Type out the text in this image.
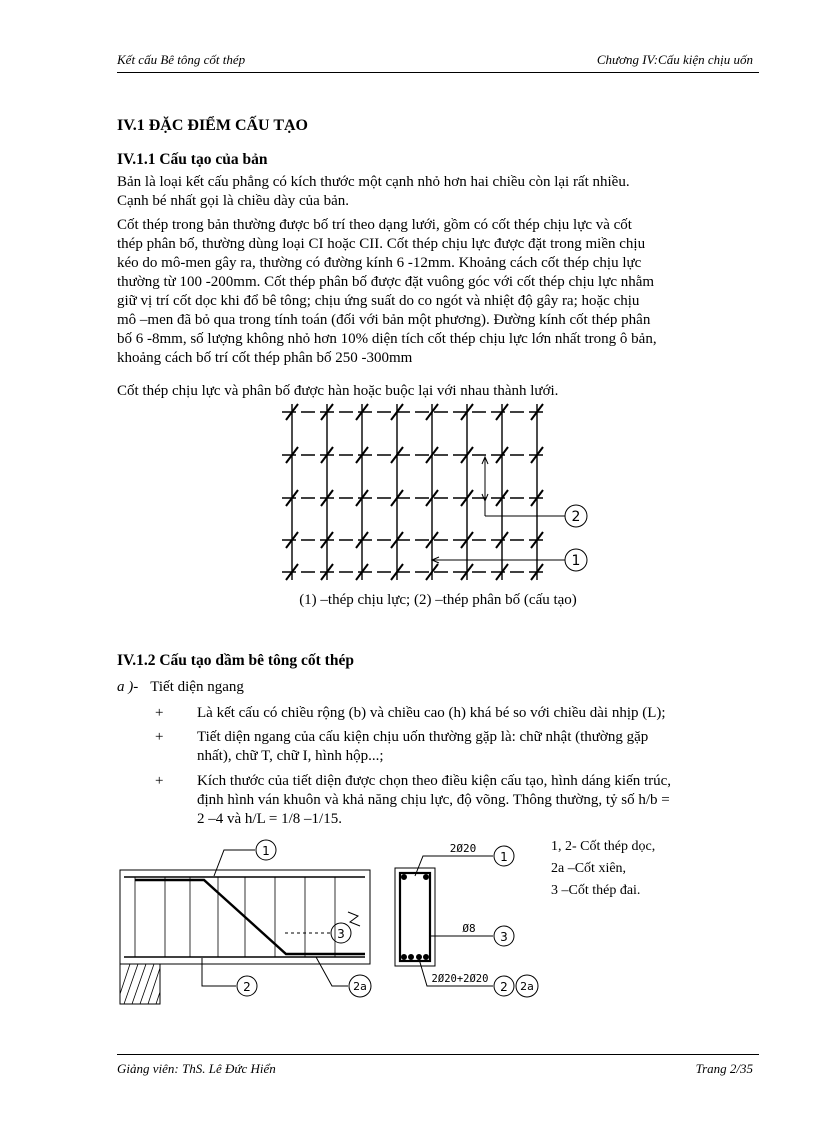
Kết cấu Bê tông cốt thép	Chương IV:Cấu kiện chịu uốn
IV.1 ĐẶC ĐIỂM CẤU TẠO
IV.1.1 Cấu tạo của bản

Bản là loại kết cấu phẳng có kích thước một cạnh nhỏ hơn hai chiều còn lại rất nhiều.
Cạnh bé nhất gọi là chiều dày của bản.

Cốt thép trong bản thường được bố trí theo dạng lưới, gồm có cốt thép chịu lực và cốt
thép phân bố, thường dùng loại CI hoặc CII. Cốt thép chịu lực được đặt trong miền chịu
kéo do mô-men gây ra, thường có đường kính 6 -12mm. Khoảng cách cốt thép chịu lực
thường từ 100 -200mm. Cốt thép phân bố được đặt vuông góc với cốt thép chịu lực nhằm
giữ vị trí cốt dọc khi đổ bê tông; chịu ứng suất do co ngót và nhiệt độ gây ra; hoặc chịu
mô –men đã bỏ qua trong tính toán (đối với bản một phương). Đường kính cốt thép phân
bố 6 -8mm, số lượng không nhỏ hơn 10% diện tích cốt thép chịu lực lớn nhất trong ô bản,
khoảng cách bố trí cốt thép phân bố 250 -300mm

Cốt thép chịu lực và phân bố được hàn hoặc buộc lại với nhau thành lưới.

2
1
(1) –thép chịu lực; (2) –thép phân bố (cấu tạo)
IV.1.2 Cấu tạo dầm bê tông cốt thép
a )- Tiết diện ngang
+ Là kết cấu có chiều rộng (b) và chiều cao (h) khá bé so với chiều dài nhịp (L);
+ Tiết diện ngang của cấu kiện chịu uốn thường gặp là: chữ nhật (thường gặp
nhất), chữ T, chữ I, hình hộp...;
+ Kích thước của tiết diện được chọn theo điều kiện cấu tạo, hình dáng kiến trúc,
định hình ván khuôn và khả năng chịu lực, độ võng. Thông thường, tỷ số h/b =
2 –4 và h/L = 1/8 –1/15.
1
3
2	2a
2Ø20
Ø8
2Ø20+2Ø20
1
3
2 2a
1, 2- Cốt thép dọc,
2a –Cốt xiên,
3 –Cốt thép đai.
Giảng viên: ThS. Lê Đức Hiển	Trang 2/35
